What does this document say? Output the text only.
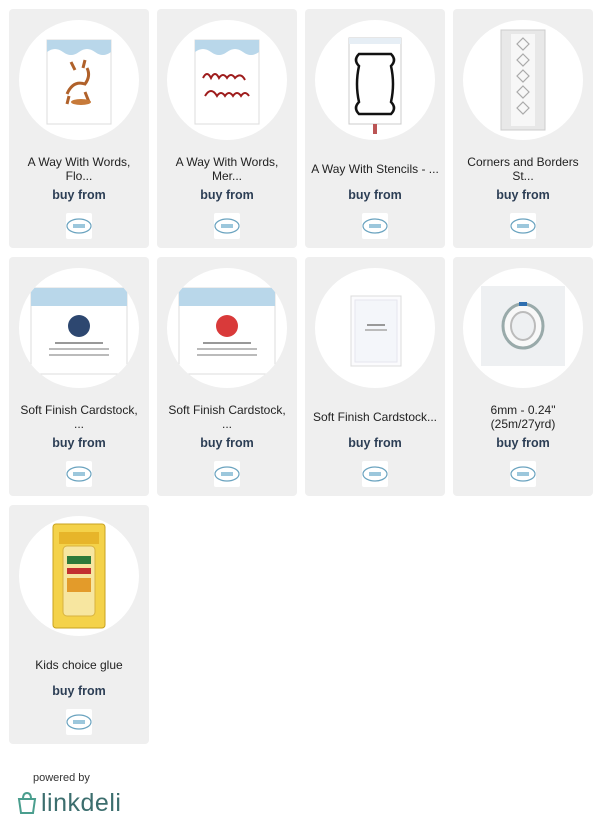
A Way With Words, Flo...
buy from
A Way With Words, Mer...
buy from
A Way With Stencils - ...
buy from
Corners and Borders St...
buy from
Soft Finish Cardstock, ...
buy from
Soft Finish Cardstock, ...
buy from
Soft Finish Cardstock...
buy from
6mm - 0.24" (25m/27yrd)
buy from
Kids choice glue
buy from
powered by
linkdeli
